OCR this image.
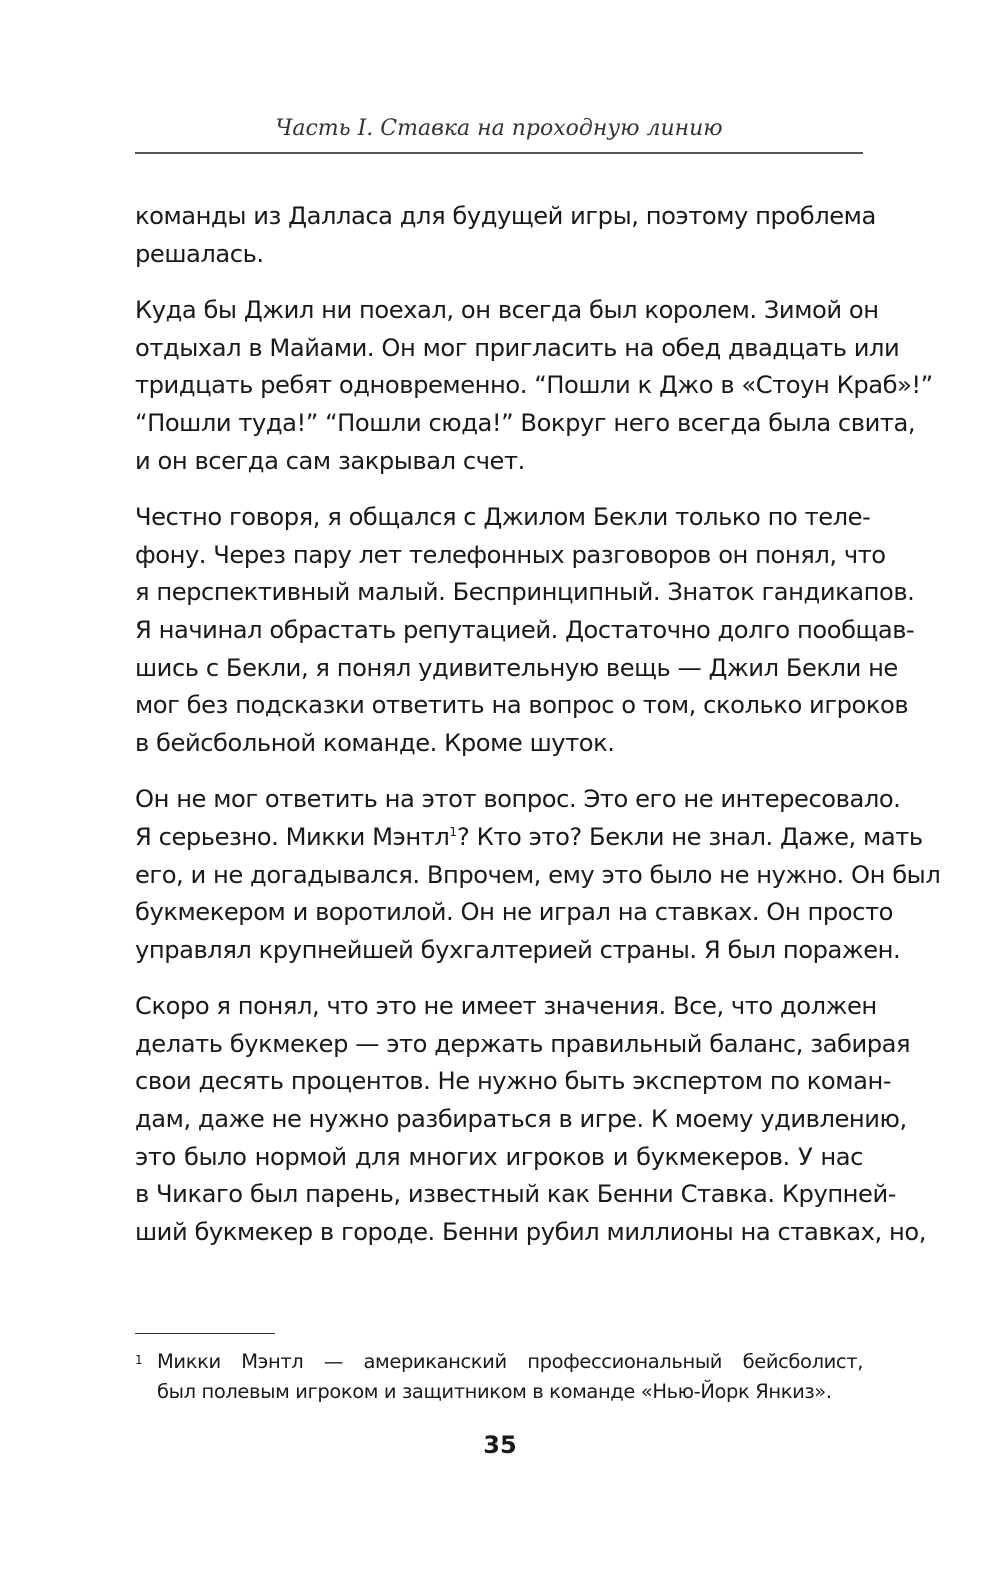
Часть I. Ставка на проходную линию

команды из Далласа для будущей игры, поэтому проблема
решалась.

Куда бы Джил ни поехал, он всегда был королем. Зимой он
отдыхал в Майами. Он мог пригласить на обед двадцать или
тридцать ребят одновременно. “Пошли к Джо в «Стоун Краб»!”
“Пошли туда!” “Пошли сюда!” Вокруг него всегда была свита,
и он всегда сам закрывал счет.

Честно говоря, я общался с Джилом Бекли только по теле-
фону. Через пару лет телефонных разговоров он понял, что
я перспективный малый. Беспринципный. Знаток гандикапов.
Я начинал обрастать репутацией. Достаточно долго пообщав-
шись с Бекли, я понял удивительную вещь — Джил Бекли не
мог без подсказки ответить на вопрос о том, сколько игроков
в бейсбольной команде. Кроме шуток.

Он не мог ответить на этот вопрос. Это его не интересовало.
Я серьезно. Микки Мэнтл$^1$? Кто это? Бекли не знал. Даже, мать
его, и не догадывался. Впрочем, ему это было не нужно. Он был
букмекером и воротилой. Он не играл на ставках. Он просто
управлял крупнейшей бухгалтерией страны. Я был поражен.

Скоро я понял, что это не имеет значения. Все, что должен
делать букмекер — это держать правильный баланс, забирая
свои десять процентов. Не нужно быть экспертом по коман-
дам, даже не нужно разбираться в игре. К моему удивлению,
это было нормой для многих игроков и букмекеров. У нас
в Чикаго был парень, известный как Бенни Ставка. Крупней-
ший букмекер в городе. Бенни рубил миллионы на ставках, но,

1 Микки Мэнтл — американский профессиональный бейсболист,
был полевым игроком и защитником в команде «Нью-Йорк Янкиз».
35
